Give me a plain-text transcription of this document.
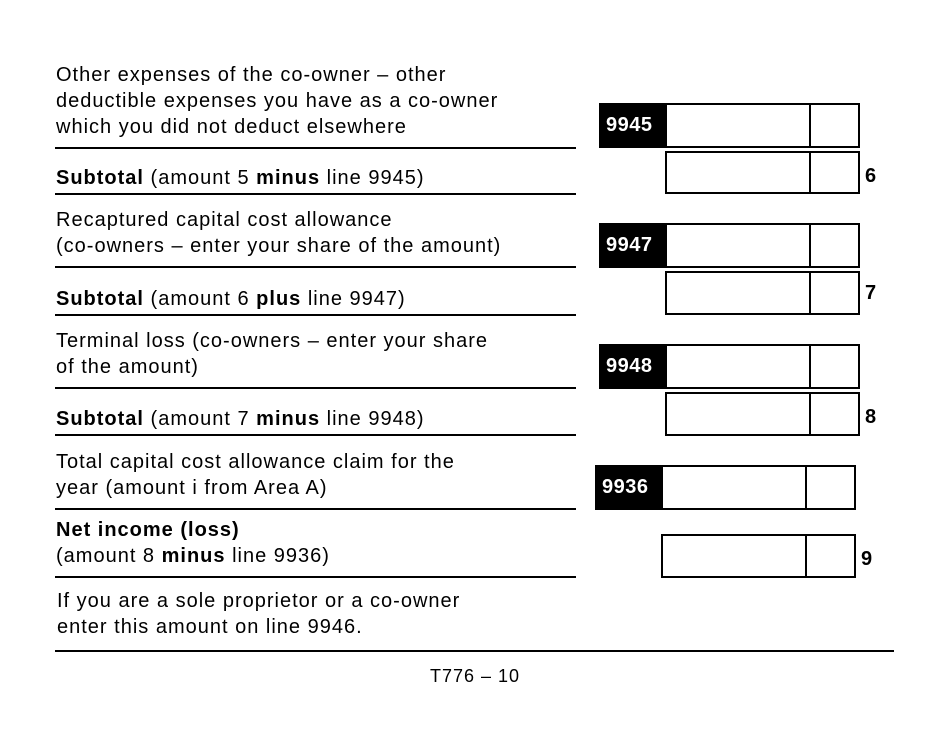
Other expenses of the co-owner – other
deductible expenses you have as a co-owner
which you did not deduct elsewhere	9945
Subtotal (amount 5 minus line 9945)	6
Recaptured capital cost allowance
(co-owners – enter your share of the amount)	9947
Subtotal (amount 6 plus line 9947)	7
Terminal loss (co-owners – enter your share
of the amount)	9948
Subtotal (amount 7 minus line 9948)	8
Total capital cost allowance claim for the
year (amount i from Area A)	9936
Net income (loss)
(amount 8 minus line 9936)	9
If you are a sole proprietor or a co-owner
enter this amount on line 9946.
T776 – 10
